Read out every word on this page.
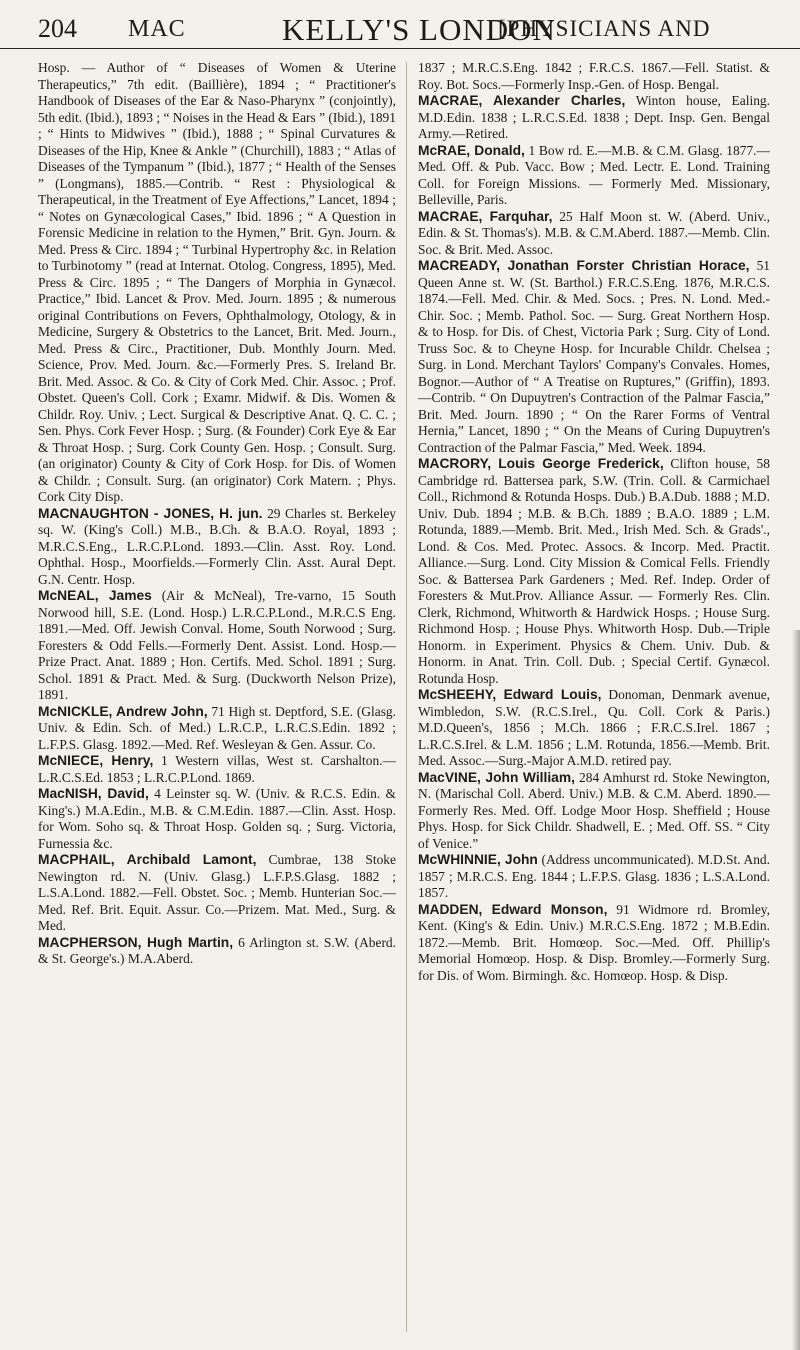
204 MAC	KELLY'S LONDON
[PHYSICIANS AND

Hosp. — Author of “ Diseases of Women & Uterine Therapeutics,” 7th edit. (Baillière), 1894 ; “ Practitioner's Handbook of Diseases of the Ear & Naso-Pharynx ” (conjointly), 5th edit. (Ibid.), 1893 ; “ Noises in the Head & Ears ” (Ibid.), 1891 ; “ Hints to Midwives ” (Ibid.), 1888 ; “ Spinal Curvatures & Diseases of the Hip, Knee & Ankle ” (Churchill), 1883 ; “ Atlas of Diseases of the Tympanum ” (Ibid.), 1877 ; “ Health of the Senses ” (Longmans), 1885.—Contrib. “ Rest : Physiological & Therapeutical, in the Treatment of Eye Affections,” Lancet, 1894 ; “ Notes on Gynæcological Cases,” Ibid. 1896 ; “ A Question in Forensic Medicine in relation to the Hymen,” Brit. Gyn. Journ. & Med. Press & Circ. 1894 ; “ Turbinal Hypertrophy &c. in Relation to Turbinotomy ” (read at Internat. Otolog. Congress, 1895), Med. Press & Circ. 1895 ; “ The Dangers of Morphia in Gynæcol. Practice,” Ibid. Lancet & Prov. Med. Journ. 1895 ; & numerous original Contributions on Fevers, Ophthalmology, Otology, & in Medicine, Surgery & Obstetrics to the Lancet, Brit. Med. Journ., Med. Press & Circ., Practitioner, Dub. Monthly Journ. Med. Science, Prov. Med. Journ. &c.—Formerly Pres. S. Ireland Br. Brit. Med. Assoc. & Co. & City of Cork Med. Chir. Assoc. ; Prof. Obstet. Queen's Coll. Cork ; Examr. Midwif. & Dis. Women & Childr. Roy. Univ. ; Lect. Surgical & Descriptive Anat. Q. C. C. ; Sen. Phys. Cork Fever Hosp. ; Surg. (& Founder) Cork Eye & Ear & Throat Hosp. ; Surg. Cork County Gen. Hosp. ; Consult. Surg. (an originator) County & City of Cork Hosp. for Dis. of Women & Childr. ; Consult. Surg. (an originator) Cork Matern. ; Phys. Cork City Disp.

MACNAUGHTON - JONES, H. jun. 29 Charles st. Berkeley sq. W. (King's Coll.) M.B., B.Ch. & B.A.O. Royal, 1893 ; M.R.C.S.Eng., L.R.C.P.Lond. 1893.—Clin. Asst. Roy. Lond. Ophthal. Hosp., Moorfields.—Formerly Clin. Asst. Aural Dept. G.N. Centr. Hosp.

McNEAL, James (Air & McNeal), Tre-varno, 15 South Norwood hill, S.E. (Lond. Hosp.) L.R.C.P.Lond., M.R.C.S Eng. 1891.—Med. Off. Jewish Conval. Home, South Norwood ; Surg. Foresters & Odd Fells.—Formerly Dent. Assist. Lond. Hosp.—Prize Pract. Anat. 1889 ; Hon. Certifs. Med. Schol. 1891 ; Surg. Schol. 1891 & Pract. Med. & Surg. (Duckworth Nelson Prize), 1891.

McNICKLE, Andrew John, 71 High st. Deptford, S.E. (Glasg. Univ. & Edin. Sch. of Med.) L.R.C.P., L.R.C.S.Edin. 1892 ; L.F.P.S. Glasg. 1892.—Med. Ref. Wesleyan & Gen. Assur. Co.

McNIECE, Henry, 1 Western villas, West st. Carshalton.—L.R.C.S.Ed. 1853 ; L.R.C.P.Lond. 1869.

MacNISH, David, 4 Leinster sq. W. (Univ. & R.C.S. Edin. & King's.) M.A.Edin., M.B. & C.M.Edin. 1887.—Clin. Asst. Hosp. for Wom. Soho sq. & Throat Hosp. Golden sq. ; Surg. Victoria, Furnessia &c.

MACPHAIL, Archibald Lamont, Cumbrae, 138 Stoke Newington rd. N. (Univ. Glasg.) L.F.P.S.Glasg. 1882 ; L.S.A.Lond. 1882.—Fell. Obstet. Soc. ; Memb. Hunterian Soc.—Med. Ref. Brit. Equit. Assur. Co.—Prizem. Mat. Med., Surg. & Med.

MACPHERSON, Hugh Martin, 6 Arlington st. S.W. (Aberd. & St. George's.) M.A.Aberd.

1837 ; M.R.C.S.Eng. 1842 ; F.R.C.S. 1867.—Fell. Statist. & Roy. Bot. Socs.—Formerly Insp.-Gen. of Hosp. Bengal.

MACRAE, Alexander Charles, Winton house, Ealing. M.D.Edin. 1838 ; L.R.C.S.Ed. 1838 ; Dept. Insp. Gen. Bengal Army.—Retired.

McRAE, Donald, 1 Bow rd. E.—M.B. & C.M. Glasg. 1877.—Med. Off. & Pub. Vacc. Bow ; Med. Lectr. E. Lond. Training Coll. for Foreign Missions. — Formerly Med. Missionary, Belleville, Paris.

MACRAE, Farquhar, 25 Half Moon st. W. (Aberd. Univ., Edin. & St. Thomas's). M.B. & C.M.Aberd. 1887.—Memb. Clin. Soc. & Brit. Med. Assoc.

MACREADY, Jonathan Forster Christian Horace, 51 Queen Anne st. W. (St. Barthol.) F.R.C.S.Eng. 1876, M.R.C.S. 1874.—Fell. Med. Chir. & Med. Socs. ; Pres. N. Lond. Med.-Chir. Soc. ; Memb. Pathol. Soc. — Surg. Great Northern Hosp. & to Hosp. for Dis. of Chest, Victoria Park ; Surg. City of Lond. Truss Soc. & to Cheyne Hosp. for Incurable Childr. Chelsea ; Surg. in Lond. Merchant Taylors' Company's Convales. Homes, Bognor.—Author of “ A Treatise on Ruptures,” (Griffin), 1893.—Contrib. “ On Dupuytren's Contraction of the Palmar Fascia,” Brit. Med. Journ. 1890 ; “ On the Rarer Forms of Ventral Hernia,” Lancet, 1890 ; “ On the Means of Curing Dupuytren's Contraction of the Palmar Fascia,” Med. Week. 1894.

MACRORY, Louis George Frederick, Clifton house, 58 Cambridge rd. Battersea park, S.W. (Trin. Coll. & Carmichael Coll., Richmond & Rotunda Hosps. Dub.) B.A.Dub. 1888 ; M.D. Univ. Dub. 1894 ; M.B. & B.Ch. 1889 ; B.A.O. 1889 ; L.M. Rotunda, 1889.—Memb. Brit. Med., Irish Med. Sch. & Grads'., Lond. & Cos. Med. Protec. Assocs. & Incorp. Med. Practit. Alliance.—Surg. Lond. City Mission & Comical Fells. Friendly Soc. & Battersea Park Gardeners ; Med. Ref. Indep. Order of Foresters & Mut.Prov. Alliance Assur. — Formerly Res. Clin. Clerk, Richmond, Whitworth & Hardwick Hosps. ; House Surg. Richmond Hosp. ; House Phys. Whitworth Hosp. Dub.—Triple Honorm. in Experiment. Physics & Chem. Univ. Dub. & Honorm. in Anat. Trin. Coll. Dub. ; Special Certif. Gynæcol. Rotunda Hosp.

McSHEEHY, Edward Louis, Donoman, Denmark avenue, Wimbledon, S.W. (R.C.S.Irel., Qu. Coll. Cork & Paris.) M.D.Queen's, 1856 ; M.Ch. 1866 ; F.R.C.S.Irel. 1867 ; L.R.C.S.Irel. & L.M. 1856 ; L.M. Rotunda, 1856.—Memb. Brit. Med. Assoc.—Surg.-Major A.M.D. retired pay.

MacVINE, John William, 284 Amhurst rd. Stoke Newington, N. (Marischal Coll. Aberd. Univ.) M.B. & C.M. Aberd. 1890.—Formerly Res. Med. Off. Lodge Moor Hosp. Sheffield ; House Phys. Hosp. for Sick Childr. Shadwell, E. ; Med. Off. SS. “ City of Venice.”

McWHINNIE, John (Address uncommunicated). M.D.St. And. 1857 ; M.R.C.S. Eng. 1844 ; L.F.P.S. Glasg. 1836 ; L.S.A.Lond. 1857.

MADDEN, Edward Monson, 91 Widmore rd. Bromley, Kent. (King's & Edin. Univ.) M.R.C.S.Eng. 1872 ; M.B.Edin. 1872.—Memb. Brit. Homœop. Soc.—Med. Off. Phillip's Memorial Homœop. Hosp. & Disp. Bromley.—Formerly Surg. for Dis. of Wom. Birmingh. &c. Homœop. Hosp. & Disp.
